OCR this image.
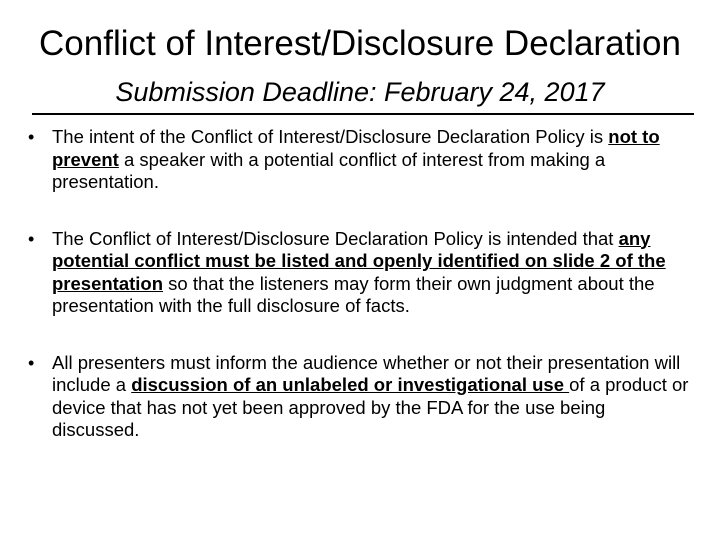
Conflict of Interest/Disclosure Declaration
Submission Deadline: February 24, 2017
• The intent of the Conflict of Interest/Disclosure Declaration Policy is not to prevent a speaker with a potential conflict of interest from making a presentation.
• The Conflict of Interest/Disclosure Declaration Policy is intended that any potential conflict must be listed and openly identified on slide 2 of the presentation so that the listeners may form their own judgment about the presentation with the full disclosure of facts.
• All presenters must inform the audience whether or not their presentation will include a discussion of an unlabeled or investigational use of a product or device that has not yet been approved by the FDA for the use being discussed.
